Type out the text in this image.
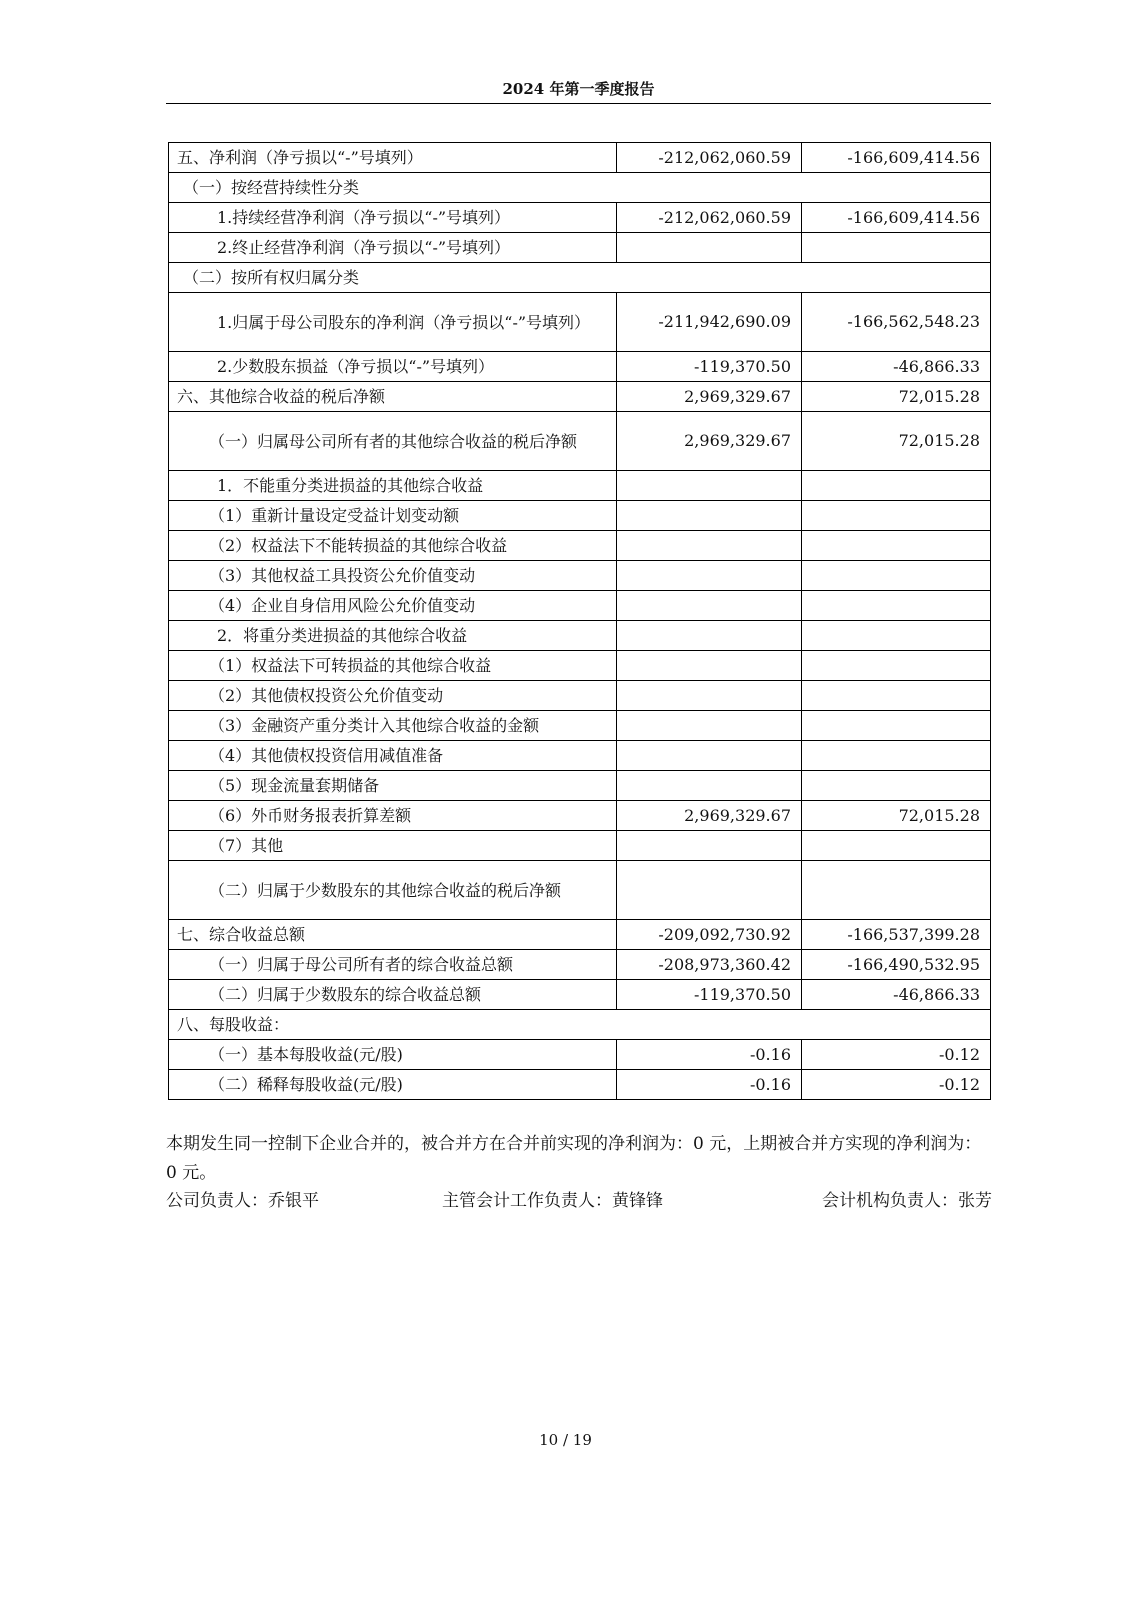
2024 年第一季度报告
五、净利润（净亏损以“-”号填列）	-212,062,060.59	-166,609,414.56
（一）按经营持续性分类		
1.持续经营净利润（净亏损以“-”号填列）	-212,062,060.59	-166,609,414.56
2.终止经营净利润（净亏损以“-”号填列）		
（二）按所有权归属分类		
1.归属于母公司股东的净利润（净亏损以“-”号填列）	-211,942,690.09	-166,562,548.23
2.少数股东损益（净亏损以“-”号填列）	-119,370.50	-46,866.33
六、其他综合收益的税后净额	2,969,329.67	72,015.28
（一）归属母公司所有者的其他综合收益的税后净额	2,969,329.67	72,015.28
1．不能重分类进损益的其他综合收益		
（1）重新计量设定受益计划变动额		
（2）权益法下不能转损益的其他综合收益		
（3）其他权益工具投资公允价值变动		
（4）企业自身信用风险公允价值变动		
2．将重分类进损益的其他综合收益		
（1）权益法下可转损益的其他综合收益		
（2）其他债权投资公允价值变动		
（3）金融资产重分类计入其他综合收益的金额		
（4）其他债权投资信用减值准备		
（5）现金流量套期储备		
（6）外币财务报表折算差额	2,969,329.67	72,015.28
（7）其他		
（二）归属于少数股东的其他综合收益的税后净额		
七、综合收益总额	-209,092,730.92	-166,537,399.28
（一）归属于母公司所有者的综合收益总额	-208,973,360.42	-166,490,532.95
（二）归属于少数股东的综合收益总额	-119,370.50	-46,866.33
八、每股收益：		
（一）基本每股收益(元/股)	-0.16	-0.12
（二）稀释每股收益(元/股)	-0.16	-0.12
本期发生同一控制下企业合并的，被合并方在合并前实现的净利润为：0 元，上期被合并方实现的净利润为：0 元。
公司负责人：乔银平	主管会计工作负责人：黄锋锋	会计机构负责人：张芳
10 / 19
